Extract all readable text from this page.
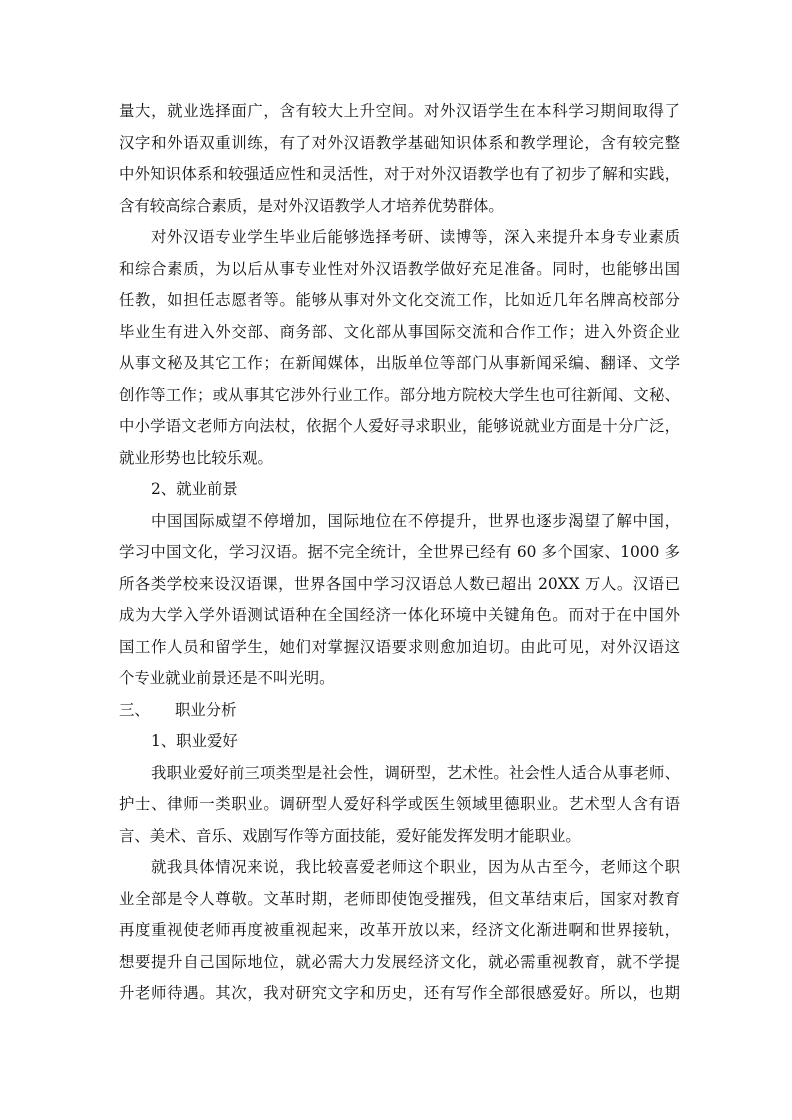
量大，就业选择面广，含有较大上升空间。对外汉语学生在本科学习期间取得了
汉字和外语双重训练，有了对外汉语教学基础知识体系和教学理论，含有较完整
中外知识体系和较强适应性和灵活性，对于对外汉语教学也有了初步了解和实践，
含有较高综合素质，是对外汉语教学人才培养优势群体。
对外汉语专业学生毕业后能够选择考研、读博等，深入来提升本身专业素质
和综合素质，为以后从事专业性对外汉语教学做好充足准备。同时，也能够出国
任教，如担任志愿者等。能够从事对外文化交流工作，比如近几年名牌高校部分
毕业生有进入外交部、商务部、文化部从事国际交流和合作工作；进入外资企业
从事文秘及其它工作；在新闻媒体，出版单位等部门从事新闻采编、翻译、文学
创作等工作；或从事其它涉外行业工作。部分地方院校大学生也可往新闻、文秘、
中小学语文老师方向法杖，依据个人爱好寻求职业，能够说就业方面是十分广泛，
就业形势也比较乐观。
2、就业前景
中国国际威望不停增加，国际地位在不停提升，世界也逐步渴望了解中国，
学习中国文化，学习汉语。据不完全统计，全世界已经有 60 多个国家、1000 多
所各类学校来设汉语课，世界各国中学习汉语总人数已超出 20XX 万人。汉语已
成为大学入学外语测试语种在全国经济一体化环境中关键角色。而对于在中国外
国工作人员和留学生，她们对掌握汉语要求则愈加迫切。由此可见，对外汉语这
个专业就业前景还是不叫光明。
三、 职业分析
1、职业爱好
我职业爱好前三项类型是社会性，调研型，艺术性。社会性人适合从事老师、
护士、律师一类职业。调研型人爱好科学或医生领域里德职业。艺术型人含有语
言、美术、音乐、戏剧写作等方面技能，爱好能发挥发明才能职业。
就我具体情况来说，我比较喜爱老师这个职业，因为从古至今，老师这个职
业全部是令人尊敬。文革时期，老师即使饱受摧残，但文革结束后，国家对教育
再度重视使老师再度被重视起来，改革开放以来，经济文化渐进啊和世界接轨，
想要提升自己国际地位，就必需大力发展经济文化，就必需重视教育，就不学提
升老师待遇。其次，我对研究文字和历史，还有写作全部很感爱好。所以，也期
